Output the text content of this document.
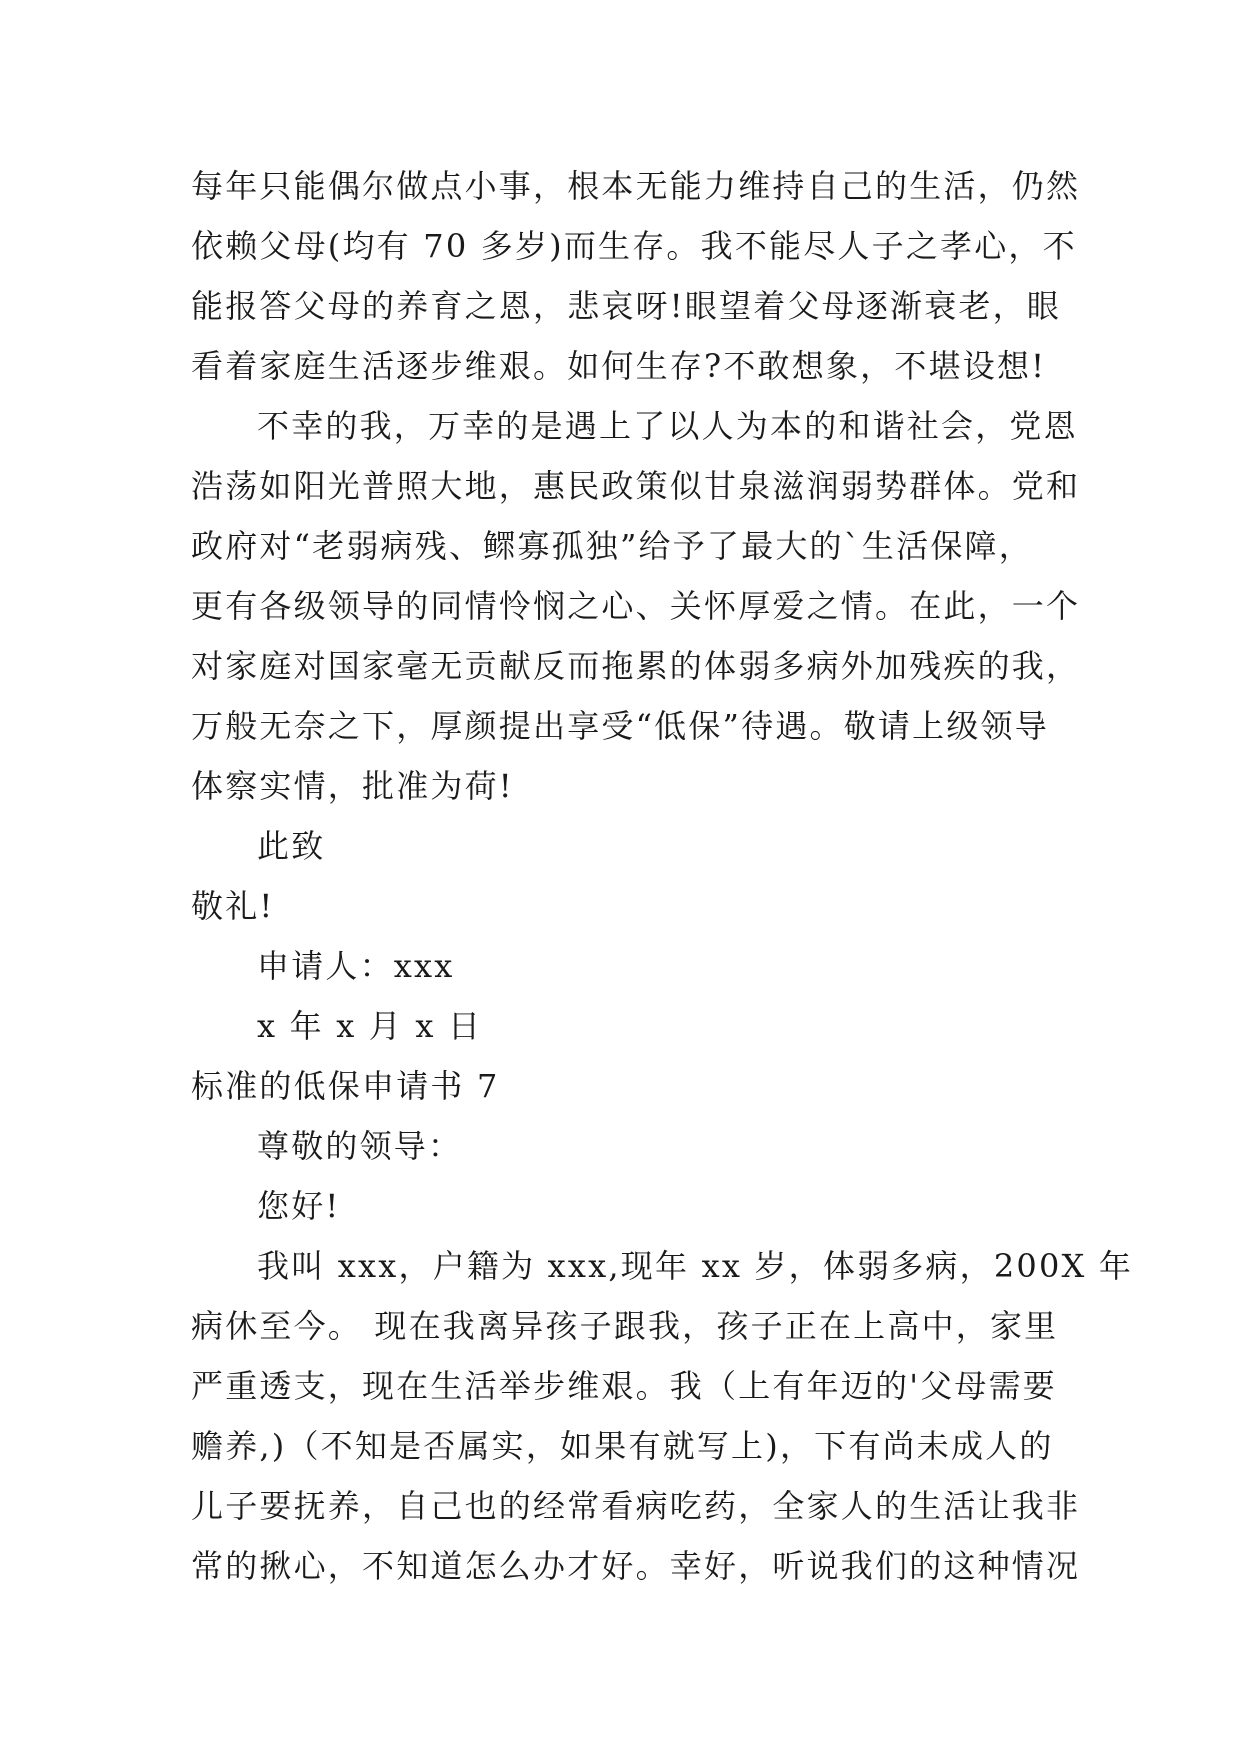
每年只能偶尔做点小事，根本无能力维持自己的生活，仍然
依赖父母(均有 70 多岁)而生存。我不能尽人子之孝心，不
能报答父母的养育之恩，悲哀呀!眼望着父母逐渐衰老，眼
看着家庭生活逐步维艰。如何生存?不敢想象，不堪设想!
不幸的我，万幸的是遇上了以人为本的和谐社会，党恩
浩荡如阳光普照大地，惠民政策似甘泉滋润弱势群体。党和
政府对“老弱病残、鳏寡孤独”给予了最大的`生活保障，
更有各级领导的同情怜悯之心、关怀厚爱之情。在此，一个
对家庭对国家毫无贡献反而拖累的体弱多病外加残疾的我，
万般无奈之下，厚颜提出享受“低保”待遇。敬请上级领导
体察实情，批准为荷!
此致
敬礼!
申请人：xxx
x 年 x 月 x 日
标准的低保申请书 7
尊敬的领导：
您好!
我叫 xxx，户籍为 xxx,现年 xx 岁，体弱多病，200X 年
病休至今。 现在我离异孩子跟我，孩子正在上高中，家里
严重透支，现在生活举步维艰。我（上有年迈的'父母需要
赡养,)（不知是否属实，如果有就写上)，下有尚未成人的
儿子要抚养，自己也的经常看病吃药，全家人的生活让我非
常的揪心，不知道怎么办才好。幸好，听说我们的这种情况
